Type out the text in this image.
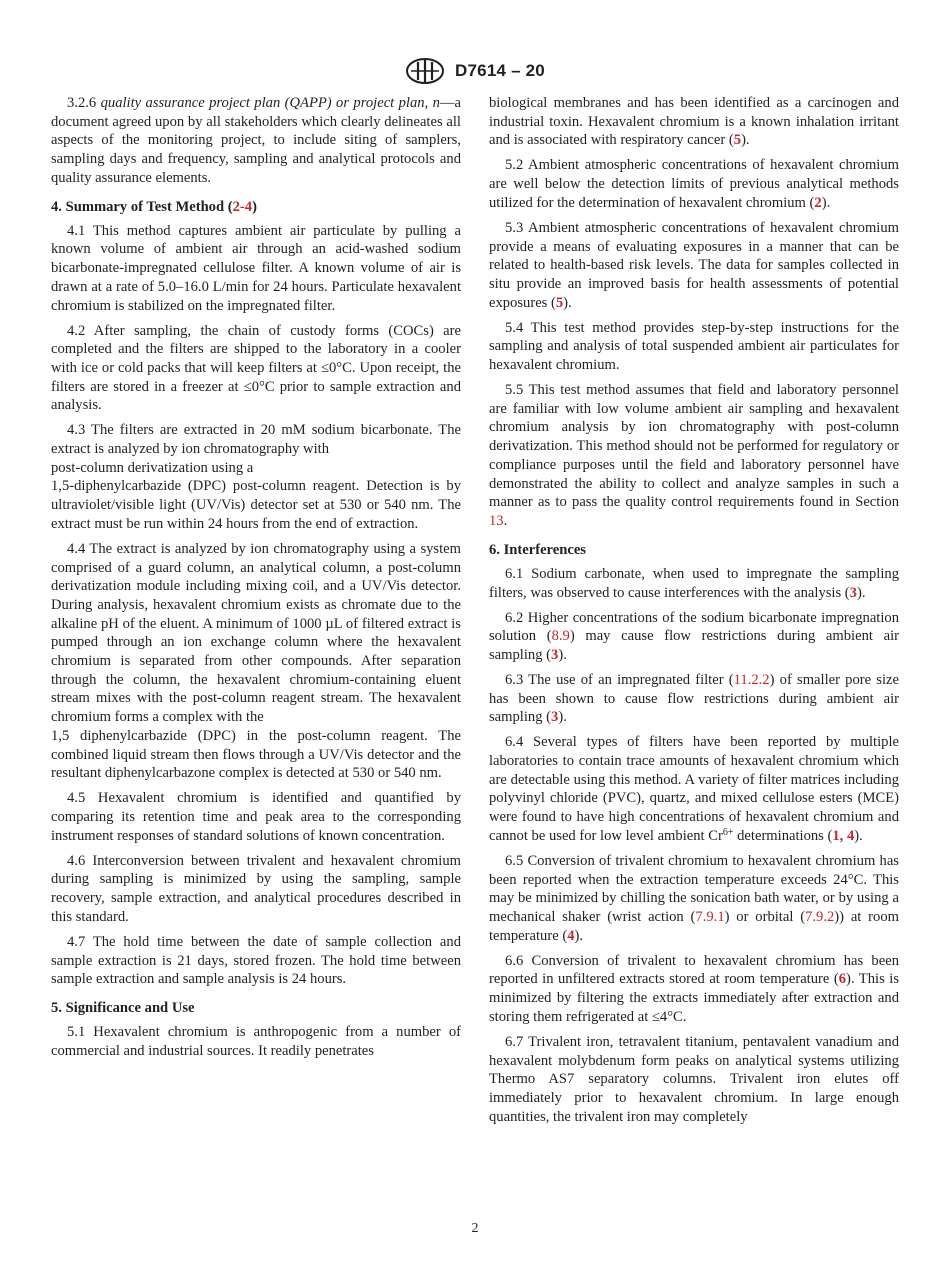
D7614 – 20

3.2.6 quality assurance project plan (QAPP) or project plan, n—a document agreed upon by all stakeholders which clearly delineates all aspects of the monitoring project, to include siting of samplers, sampling days and frequency, sampling and analytical protocols and quality assurance elements.

4. Summary of Test Method (2-4)

4.1 This method captures ambient air particulate by pulling a known volume of ambient air through an acid-washed sodium bicarbonate-impregnated cellulose filter. A known volume of air is drawn at a rate of 5.0–16.0 L/min for 24 hours. Particulate hexavalent chromium is stabilized on the impregnated filter.

4.2 After sampling, the chain of custody forms (COCs) are completed and the filters are shipped to the laboratory in a cooler with ice or cold packs that will keep filters at ≤0°C. Upon receipt, the filters are stored in a freezer at ≤0°C prior to sample extraction and analysis.

4.3 The filters are extracted in 20 mM sodium bicarbonate. The extract is analyzed by ion chromatography with
post-column derivatization using a
1,5-diphenylcarbazide (DPC) post-column reagent. Detection is by ultraviolet/visible light (UV/Vis) detector set at 530 or 540 nm. The extract must be run within 24 hours from the end of extraction.

4.4 The extract is analyzed by ion chromatography using a system comprised of a guard column, an analytical column, a post-column derivatization module including mixing coil, and a UV/Vis detector. During analysis, hexavalent chromium exists as chromate due to the alkaline pH of the eluent. A minimum of 1000 µL of filtered extract is pumped through an ion exchange column where the hexavalent chromium is separated from other compounds. After separation through the column, the hexavalent chromium-containing eluent stream mixes with the post-column reagent stream. The hexavalent chromium forms a complex with the
1,5 diphenylcarbazide (DPC) in the post-column reagent. The combined liquid stream then flows through a UV/Vis detector and the resultant diphenylcarbazone complex is detected at 530 or 540 nm.

4.5 Hexavalent chromium is identified and quantified by comparing its retention time and peak area to the corresponding instrument responses of standard solutions of known concentration.

4.6 Interconversion between trivalent and hexavalent chromium during sampling is minimized by using the sampling, sample recovery, sample extraction, and analytical procedures described in this standard.

4.7 The hold time between the date of sample collection and sample extraction is 21 days, stored frozen. The hold time between sample extraction and sample analysis is 24 hours.

5. Significance and Use

5.1 Hexavalent chromium is anthropogenic from a number of commercial and industrial sources. It readily penetrates

biological membranes and has been identified as a carcinogen and industrial toxin. Hexavalent chromium is a known inhalation irritant and is associated with respiratory cancer (5).

5.2 Ambient atmospheric concentrations of hexavalent chromium are well below the detection limits of previous analytical methods utilized for the determination of hexavalent chromium (2).

5.3 Ambient atmospheric concentrations of hexavalent chromium provide a means of evaluating exposures in a manner that can be related to health-based risk levels. The data for samples collected in situ provide an improved basis for health assessments of potential exposures (5).

5.4 This test method provides step-by-step instructions for the sampling and analysis of total suspended ambient air particulates for hexavalent chromium.

5.5 This test method assumes that field and laboratory personnel are familiar with low volume ambient air sampling and hexavalent chromium analysis by ion chromatography with post-column derivatization. This method should not be performed for regulatory or compliance purposes until the field and laboratory personnel have demonstrated the ability to collect and analyze samples in such a manner as to pass the quality control requirements found in Section 13.

6. Interferences

6.1 Sodium carbonate, when used to impregnate the sampling filters, was observed to cause interferences with the analysis (3).

6.2 Higher concentrations of the sodium bicarbonate impregnation solution (8.9) may cause flow restrictions during ambient air sampling (3).

6.3 The use of an impregnated filter (11.2.2) of smaller pore size has been shown to cause flow restrictions during ambient air sampling (3).

6.4 Several types of filters have been reported by multiple laboratories to contain trace amounts of hexavalent chromium which are detectable using this method. A variety of filter matrices including polyvinyl chloride (PVC), quartz, and mixed cellulose esters (MCE) were found to have high concentrations of hexavalent chromium and cannot be used for low level ambient $Cr^{6+}$ determinations (1, 4).

6.5 Conversion of trivalent chromium to hexavalent chromium has been reported when the extraction temperature exceeds 24°C. This may be minimized by chilling the sonication bath water, or by using a mechanical shaker (wrist action (7.9.1) or orbital (7.9.2)) at room temperature (4).

6.6 Conversion of trivalent to hexavalent chromium has been reported in unfiltered extracts stored at room temperature (6). This is minimized by filtering the extracts immediately after extraction and storing them refrigerated at ≤4°C.

6.7 Trivalent iron, tetravalent titanium, pentavalent vanadium and hexavalent molybdenum form peaks on analytical systems utilizing Thermo AS7 separatory columns. Trivalent iron elutes off immediately prior to hexavalent chromium. In large enough quantities, the trivalent iron may completely

2
